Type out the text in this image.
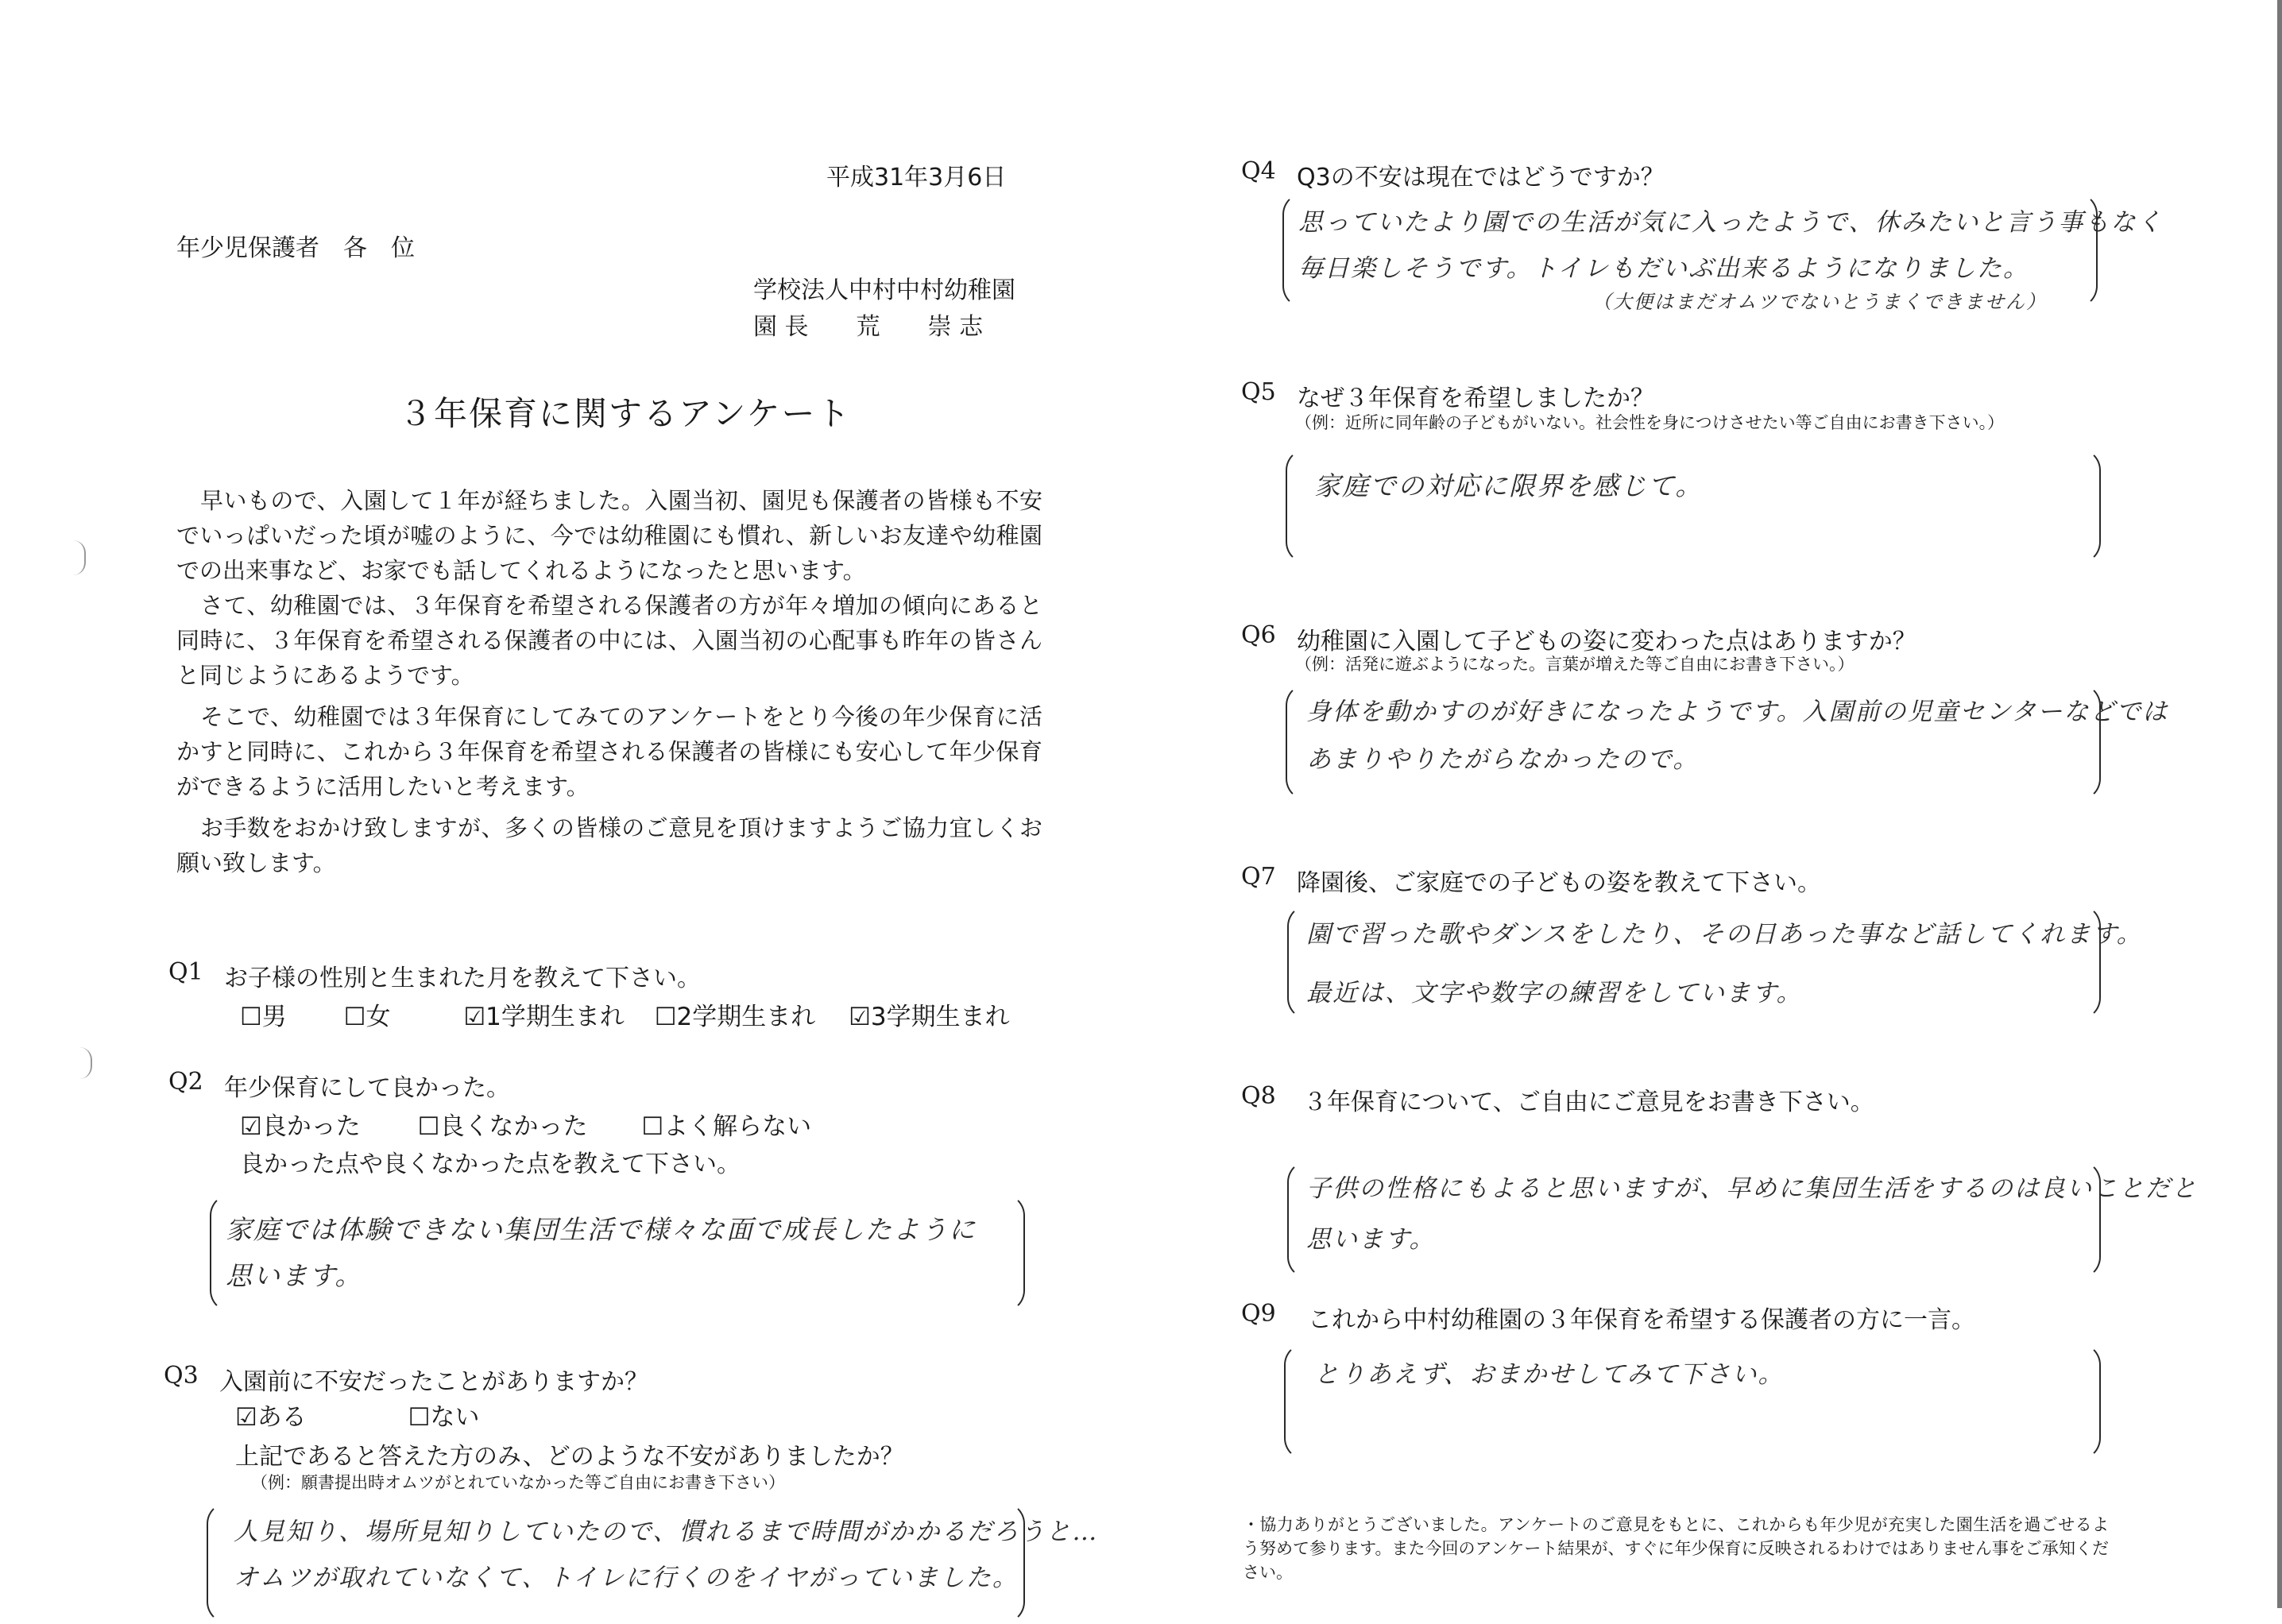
平成31年3月6日
年少児保護者　各　位
学校法人中村中村幼稚園
園 長　　荒　　崇 志
３年保育に関するアンケート
早いもので、入園して１年が経ちました。入園当初、園児も保護者の皆様も不安でいっぱいだった頃が嘘のように、今では幼稚園にも慣れ、新しいお友達や幼稚園での出来事など、お家でも話してくれるようになったと思います。
さて、幼稚園では、３年保育を希望される保護者の方が年々増加の傾向にあると同時に、３年保育を希望される保護者の中には、入園当初の心配事も昨年の皆さんと同じようにあるようです。
そこで、幼稚園では３年保育にしてみてのアンケートをとり今後の年少保育に活かすと同時に、これから３年保育を希望される保護者の皆様にも安心して年少保育ができるように活用したいと考えます。
お手数をおかけ致しますが、多くの皆様のご意見を頂けますようご協力宜しくお願い致します。
Q1 お子様の性別と生まれた月を教えて下さい。
☐男 ☐女	☑1学期生まれ ☐2学期生まれ ☑3学期生まれ
Q2 年少保育にして良かった。
☑良かった ☐良くなかった ☐よく解らない
良かった点や良くなかった点を教えて下さい。
家庭では体験できない集団生活で様々な面で成長したように
思います。
Q3 入園前に不安だったことがありますか？
☑ある	☐ない
上記であると答えた方のみ、どのような不安がありましたか？
（例：願書提出時オムツがとれていなかった等ご自由にお書き下さい）
人見知り、場所見知りしていたので、慣れるまで時間がかかるだろうと…
オムツが取れていなくて、トイレに行くのをイヤがっていました。
Q4 Q3の不安は現在ではどうですか？
思っていたより園での生活が気に入ったようで、休みたいと言う事もなく
毎日楽しそうです。トイレもだいぶ出来るようになりました。
（大便はまだオムツでないとうまくできません）
Q5 なぜ３年保育を希望しましたか？
（例：近所に同年齢の子どもがいない。社会性を身につけさせたい等ご自由にお書き下さい。）
家庭での対応に限界を感じて。
Q6 幼稚園に入園して子どもの姿に変わった点はありますか？
（例：活発に遊ぶようになった。言葉が増えた等ご自由にお書き下さい。）
身体を動かすのが好きになったようです。入園前の児童センターなどでは
あまりやりたがらなかったので。
Q7 降園後、ご家庭での子どもの姿を教えて下さい。
園で習った歌やダンスをしたり、その日あった事など話してくれます。
最近は、文字や数字の練習をしています。
Q8 ３年保育について、ご自由にご意見をお書き下さい。
子供の性格にもよると思いますが、早めに集団生活をするのは良いことだと
思います。
Q9 これから中村幼稚園の３年保育を希望する保護者の方に一言。
とりあえず、おまかせしてみて下さい。
・協力ありがとうございました。アンケートのご意見をもとに、これからも年少児が充実した園生活を過ごせるよう努めて参ります。また今回のアンケート結果が、すぐに年少保育に反映されるわけではありません事をご承知ください。
